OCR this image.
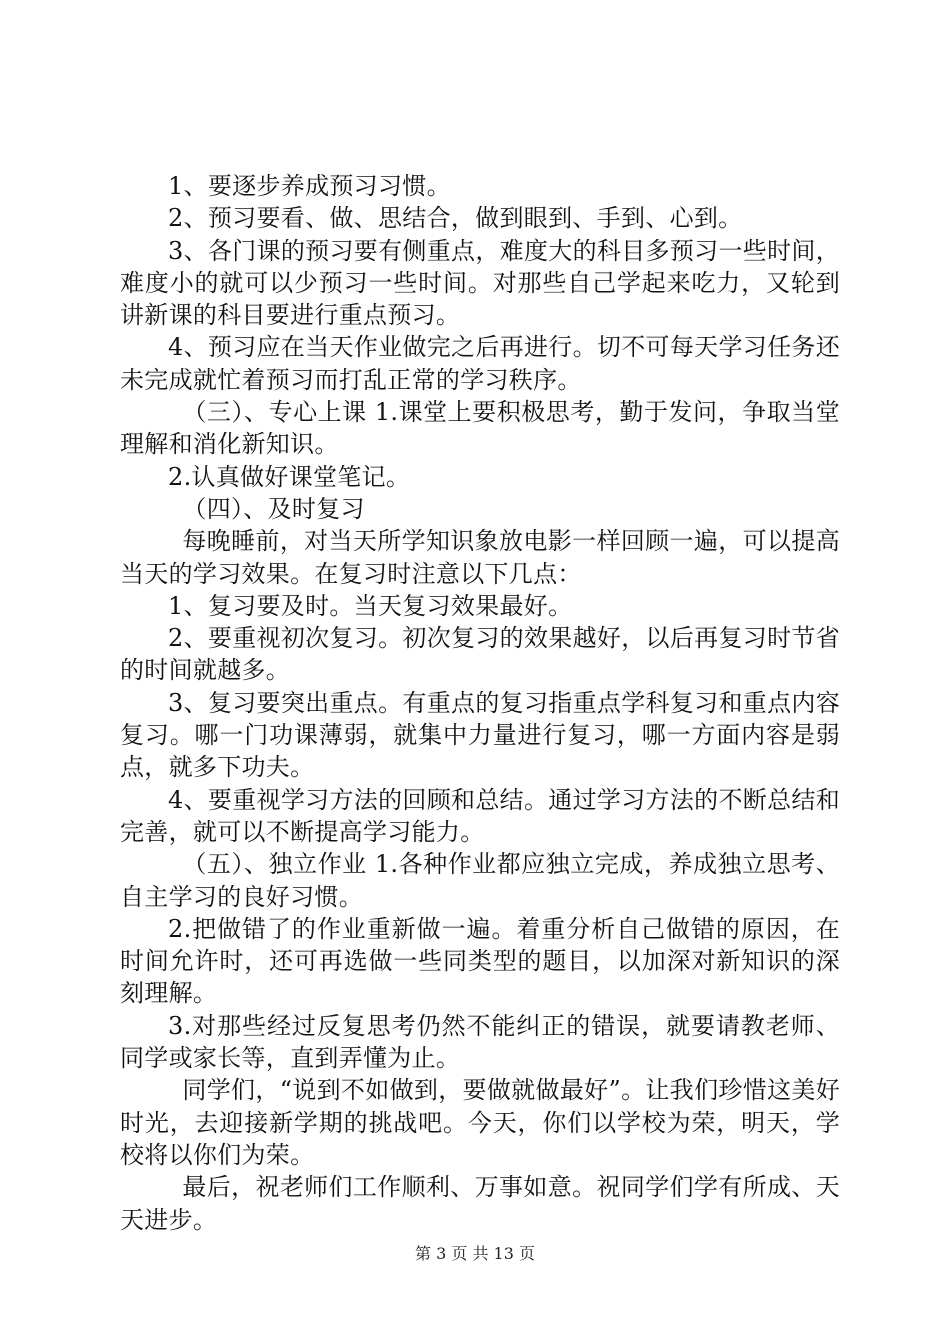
1、要逐步养成预习习惯。

2、预习要看、做、思结合，做到眼到、手到、心到。

3、各门课的预习要有侧重点，难度大的科目多预习一些时间，难度小的就可以少预习一些时间。对那些自己学起来吃力，又轮到讲新课的科目要进行重点预习。

4、预习应在当天作业做完之后再进行。切不可每天学习任务还未完成就忙着预习而打乱正常的学习秩序。

（三）、专心上课 1.课堂上要积极思考，勤于发问，争取当堂理解和消化新知识。

2.认真做好课堂笔记。

（四）、及时复习

每晚睡前，对当天所学知识象放电影一样回顾一遍，可以提高当天的学习效果。在复习时注意以下几点：

1、复习要及时。当天复习效果最好。

2、要重视初次复习。初次复习的效果越好，以后再复习时节省的时间就越多。

3、复习要突出重点。有重点的复习指重点学科复习和重点内容复习。哪一门功课薄弱，就集中力量进行复习，哪一方面内容是弱点，就多下功夫。

4、要重视学习方法的回顾和总结。通过学习方法的不断总结和完善，就可以不断提高学习能力。

（五）、独立作业 1.各种作业都应独立完成，养成独立思考、自主学习的良好习惯。

2.把做错了的作业重新做一遍。着重分析自己做错的原因，在时间允许时，还可再选做一些同类型的题目，以加深对新知识的深刻理解。

3.对那些经过反复思考仍然不能纠正的错误，就要请教老师、同学或家长等，直到弄懂为止。

同学们，“说到不如做到，要做就做最好”。让我们珍惜这美好时光，去迎接新学期的挑战吧。今天，你们以学校为荣，明天，学校将以你们为荣。

最后，祝老师们工作顺利、万事如意。祝同学们学有所成、天天进步。

第 3 页 共 13 页
